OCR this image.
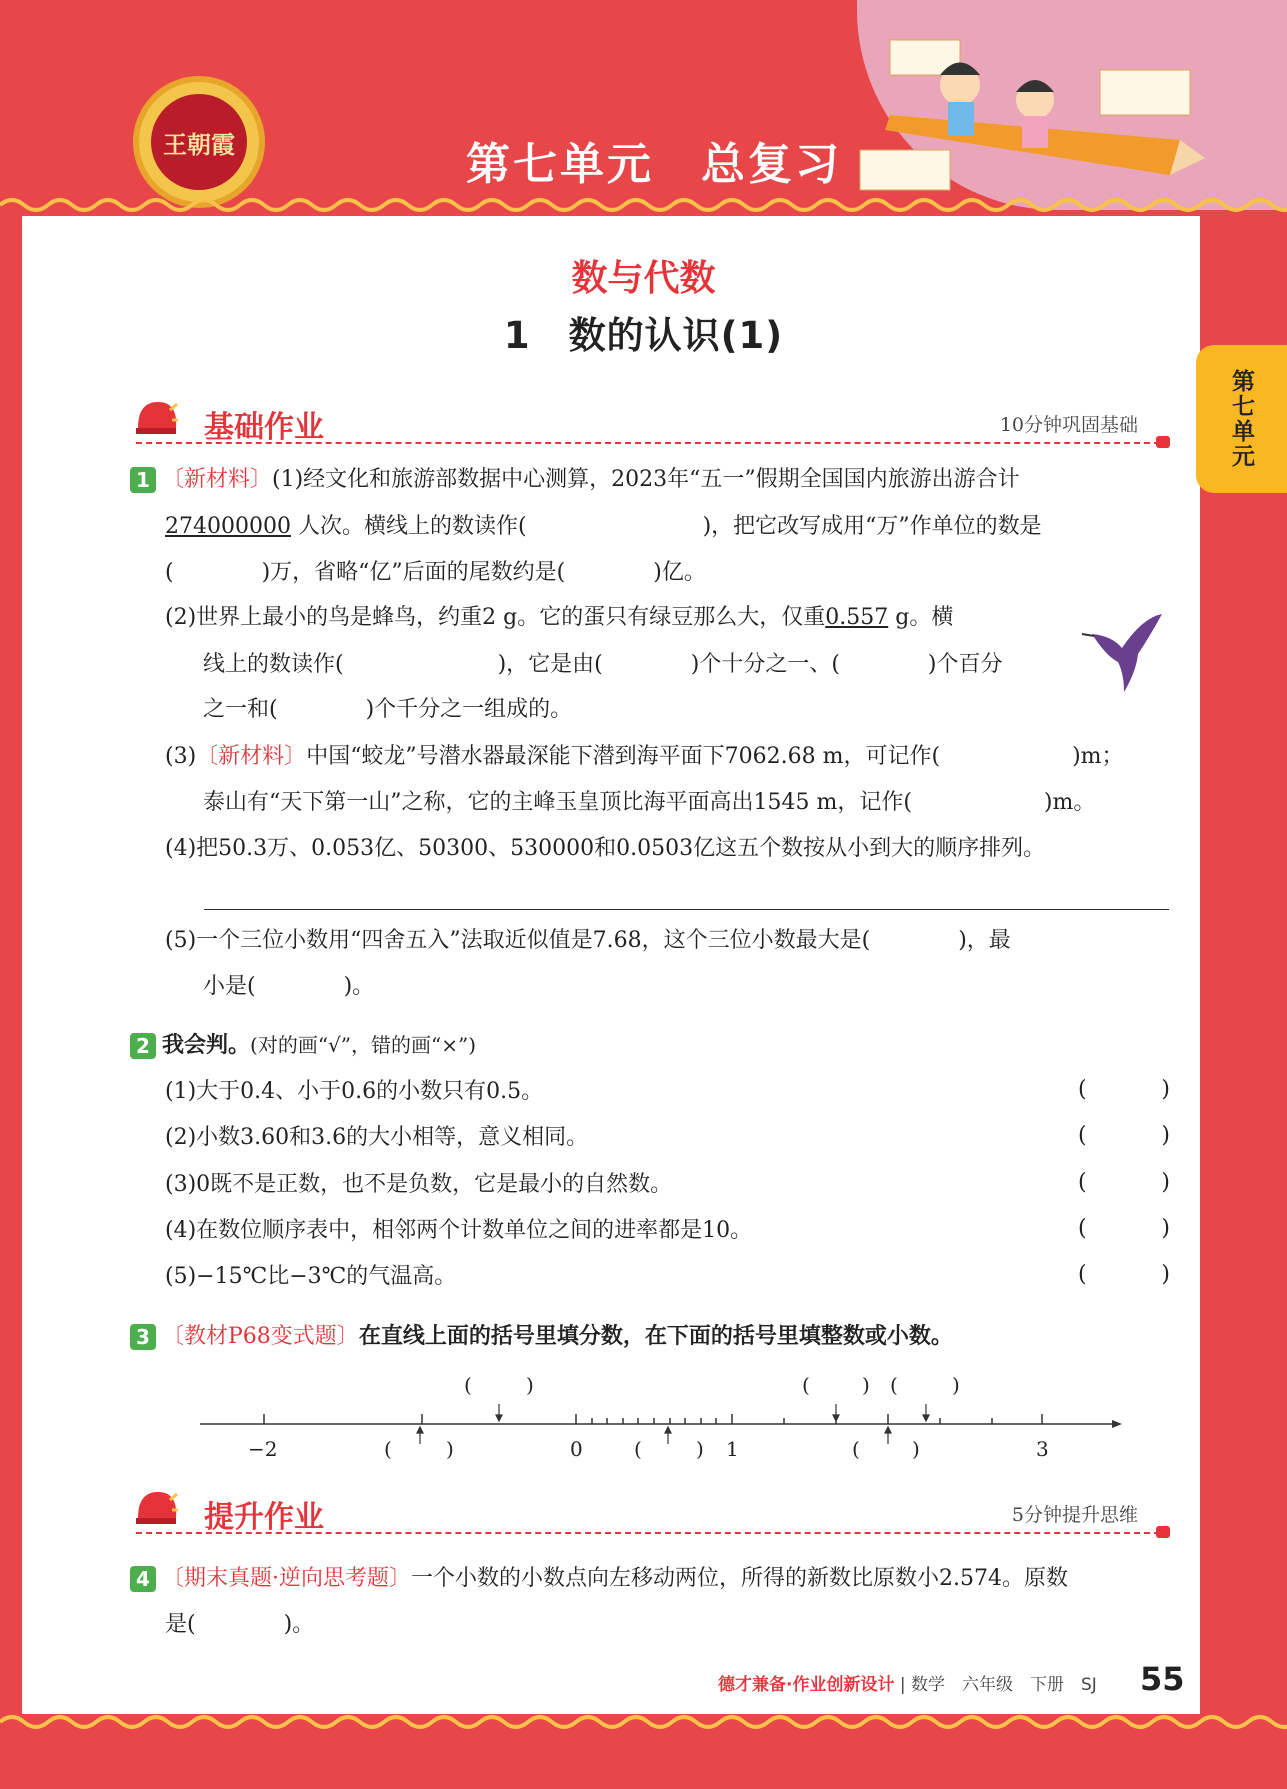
王朝霞	第七单元　总复习
第七单元
数与代数
1　数的认识(1)
基础作业	10分钟巩固基础
1 〔新材料〕(1)经文化和旅游部数据中心测算，2023年“五一”假期全国国内旅游出游合计
274000000 人次。横线上的数读作(　　　　　　　　)，把它改写成用“万”作单位的数是
(　　　　)万，省略“亿”后面的尾数约是(　　　　)亿。
(2)世界上最小的鸟是蜂鸟，约重2 g。它的蛋只有绿豆那么大，仅重0.557 g。横
线上的数读作(　　　　　　　)，它是由(　　　　)个十分之一、(　　　　)个百分
之一和(　　　　)个千分之一组成的。
(3)〔新材料〕中国“蛟龙”号潜水器最深能下潜到海平面下7062.68 m，可记作(　　　　　　)m；
泰山有“天下第一山”之称，它的主峰玉皇顶比海平面高出1545 m，记作(　　　　　　)m。
(4)把50.3万、0.053亿、50300、530000和0.0503亿这五个数按从小到大的顺序排列。
(5)一个三位小数用“四舍五入”法取近似值是7.68，这个三位小数最大是(　　　　)，最
小是(　　　　)。
2 我会判。(对的画“√”，错的画“×”)
(1)大于0.4、小于0.6的小数只有0.5。	(	)
(2)小数3.60和3.6的大小相等，意义相同。	(	)
(3)0既不是正数，也不是负数，它是最小的自然数。	(	)
(4)在数位顺序表中，相邻两个计数单位之间的进率都是10。	(	)
(5)−15℃比−3℃的气温高。	(	)
3 〔教材P68变式题〕在直线上面的括号里填分数，在下面的括号里填整数或小数。
(	)	(	) (	)
(	)	(	)	(	)
−2	0	1	3
提升作业	5分钟提升思维
4 〔期末真题·逆向思考题〕一个小数的小数点向左移动两位，所得的新数比原数小2.574。原数
是(　　　　)。
德才兼备·作业创新设计 | 数学　六年级　下册　SJ 55
